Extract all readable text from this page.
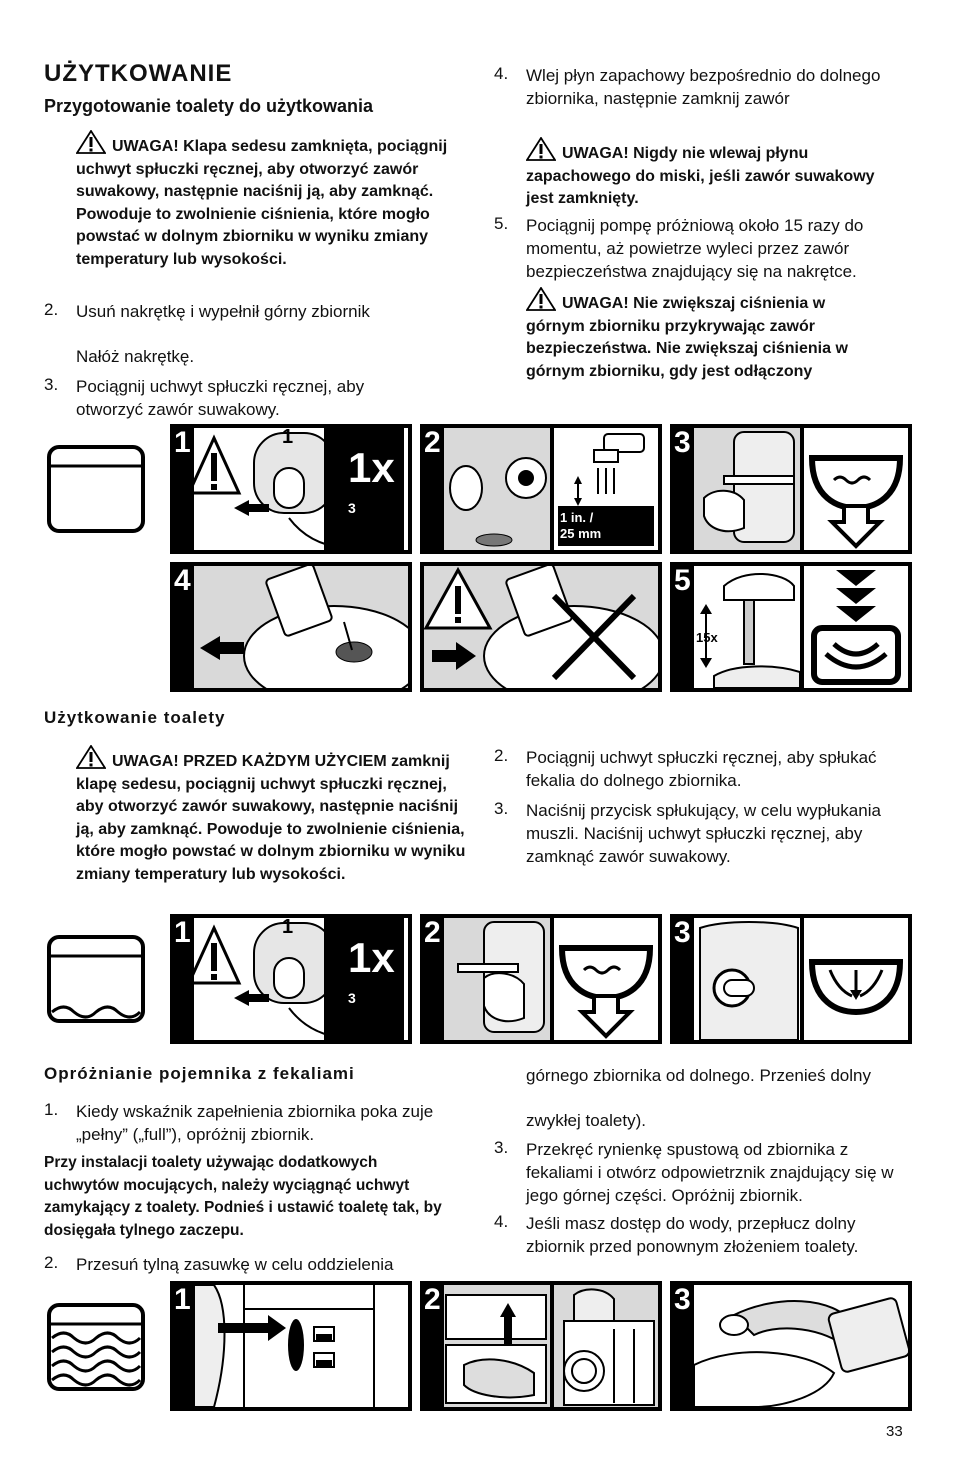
UŻYTKOWANIE
Przygotowanie toalety do użytkowania
UWAGA! Klapa sedesu zamknięta, pociągnij uchwyt spłuczki ręcznej, aby otworzyć zawór suwakowy, następnie naciśnij ją, aby zamknąć. Powoduje to zwolnienie ciśnienia, które mogło powstać w dolnym zbiorniku w wyniku zmiany temperatury lub wysokości.
2. Usuń nakrętkę i wypełnił górny zbiornik
Nałóż nakrętkę.
3. Pociągnij uchwyt spłuczki ręcznej, aby otworzyć zawór suwakowy.
4. Wlej płyn zapachowy bezpośrednio do dolnego zbiornika, następnie zamknij zawór
UWAGA! Nigdy nie wlewaj płynu zapachowego do miski, jeśli zawór suwakowy jest zamknięty.
5. Pociągnij pompę próżniową około 15 razy do momentu, aż powietrze wyleci przez zawór bezpieczeństwa znajdujący się na nakrętce.
UWAGA! Nie zwiększaj ciśnienia w górnym zbiorniku przykrywając zawór bezpieczeństwa. Nie zwiększaj ciśnienia w górnym zbiorniku, gdy jest odłączony
1	1
1x
2	3
2
1 in. /
25 mm
3
4	5
15x
Użytkowanie toalety
UWAGA! PRZED KAŻDYM UŻYCIEM zamknij klapę sedesu, pociągnij uchwyt spłuczki ręcznej, aby otworzyć zawór suwakowy, następnie naciśnij ją, aby zamknąć. Powoduje to zwolnienie ciśnienia, które mogło powstać w dolnym zbiorniku w wyniku zmiany temperatury lub wysokości.
2. Pociągnij uchwyt spłuczki ręcznej, aby spłukać fekalia do dolnego zbiornika.
3. Naciśnij przycisk spłukujący, w celu wypłukania muszli. Naciśnij uchwyt spłuczki ręcznej, aby zamknąć zawór suwakowy.
1	1
1x
2	3
2	3
Opróżnianie pojemnika z fekaliami
1. Kiedy wskaźnik zapełnienia zbiornika poka zuje „pełny” („full”), opróżnij zbiornik.
Przy instalacji toalety używając dodatkowych uchwytów mocujących, należy wyciągnąć uchwyt zamykający z toalety. Podnieś i ustawić toaletę tak, by dosięgała tylnego zaczepu.
2. Przesuń tylną zasuwkę w celu oddzielenia
górnego zbiornika od dolnego. Przenieś dolny
zwykłej toalety).
3. Przekręć rynienkę spustową od zbiornika z fekaliami i otwórz odpowietrznik znajdujący się w jego górnej części. Opróżnij zbiornik.
4. Jeśli masz dostęp do wody, przepłucz dolny zbiornik przed ponownym złożeniem toalety.
1	2	3
33
